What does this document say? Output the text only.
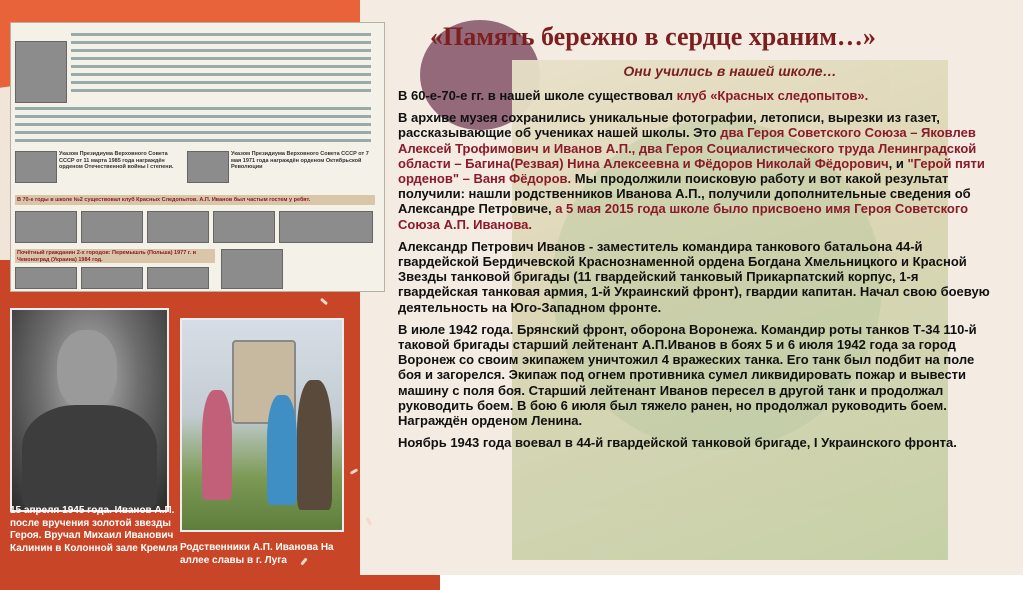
«Память бережно в сердце храним…»
Они учились в нашей школе…

В 60-е-70-е гг. в нашей школе существовал клуб «Красных следопытов».

В архиве музея сохранились уникальные фотографии, летописи, вырезки из газет, рассказывающие об учениках нашей школы. Это два Героя Советского Союза – Яковлев Алексей Трофимович и Иванов А.П., два Героя Социалистического труда Ленинградской области – Багина(Резвая) Нина Алексеевна и Фёдоров Николай Фёдорович, и "Герой пяти орденов" – Ваня Фёдоров. Мы продолжили поисковую работу и вот какой результат получили: нашли родственников Иванова А.П., получили дополнительные сведения об Александре Петровиче, а 5 мая 2015 года школе было присвоено имя Героя Советского Союза А.П. Иванова.

Александр Петрович Иванов - заместитель командира танкового батальона 44-й гвардейской Бердичевской Краснознаменной ордена Богдана Хмельницкого и Красной Звезды танковой бригады (11 гвардейский танковый Прикарпатский корпус, 1-я гвардейская танковая армия, 1-й Украинский фронт), гвардии капитан. Начал свою боевую деятельность на Юго-Западном фронте.

В июле 1942 года. Брянский фронт, оборона Воронежа. Командир роты танков Т-34 110-й таковой бригады старший лейтенант А.П.Иванов в боях 5 и 6 июля 1942 года за город Воронеж со своим экипажем уничтожил 4 вражеских танка. Его танк был подбит на поле боя и загорелся. Экипаж под огнем противника сумел ликвидировать пожар и вывести машину с поля боя. Старший лейтенант Иванов пересел в другой танк и продолжал руководить боем. В бою 6 июля был тяжело ранен, но продолжал руководить боем. Награждён орденом Ленина.

Ноябрь 1943 года воевал в 44-й гвардейской танковой бригаде, I Украинского фронта.

Указом Президиума Верховного Совета СССР от 11 марта 1985 года награждён орденом Отечественной войны I степени.
Указом Президиума Верховного Совета СССР от 7 мая 1971 года награждён орденом Октябрьской Революции
В 70-е годы в школе №2 существовал клуб Красных Следопытов. А.П. Иванов был частым гостем у ребят.
Почётный гражданин 2-х городов: Перемышль (Польша) 1977 г. и Чевоноград (Украина) 1984 год.
15 апреля 1945 года. Иванов А.П. после вручения золотой звезды Героя. Вручал Михаил Иванович Калинин в Колонной зале Кремля Родственники А.П. Иванова На аллее славы в г. Луга
